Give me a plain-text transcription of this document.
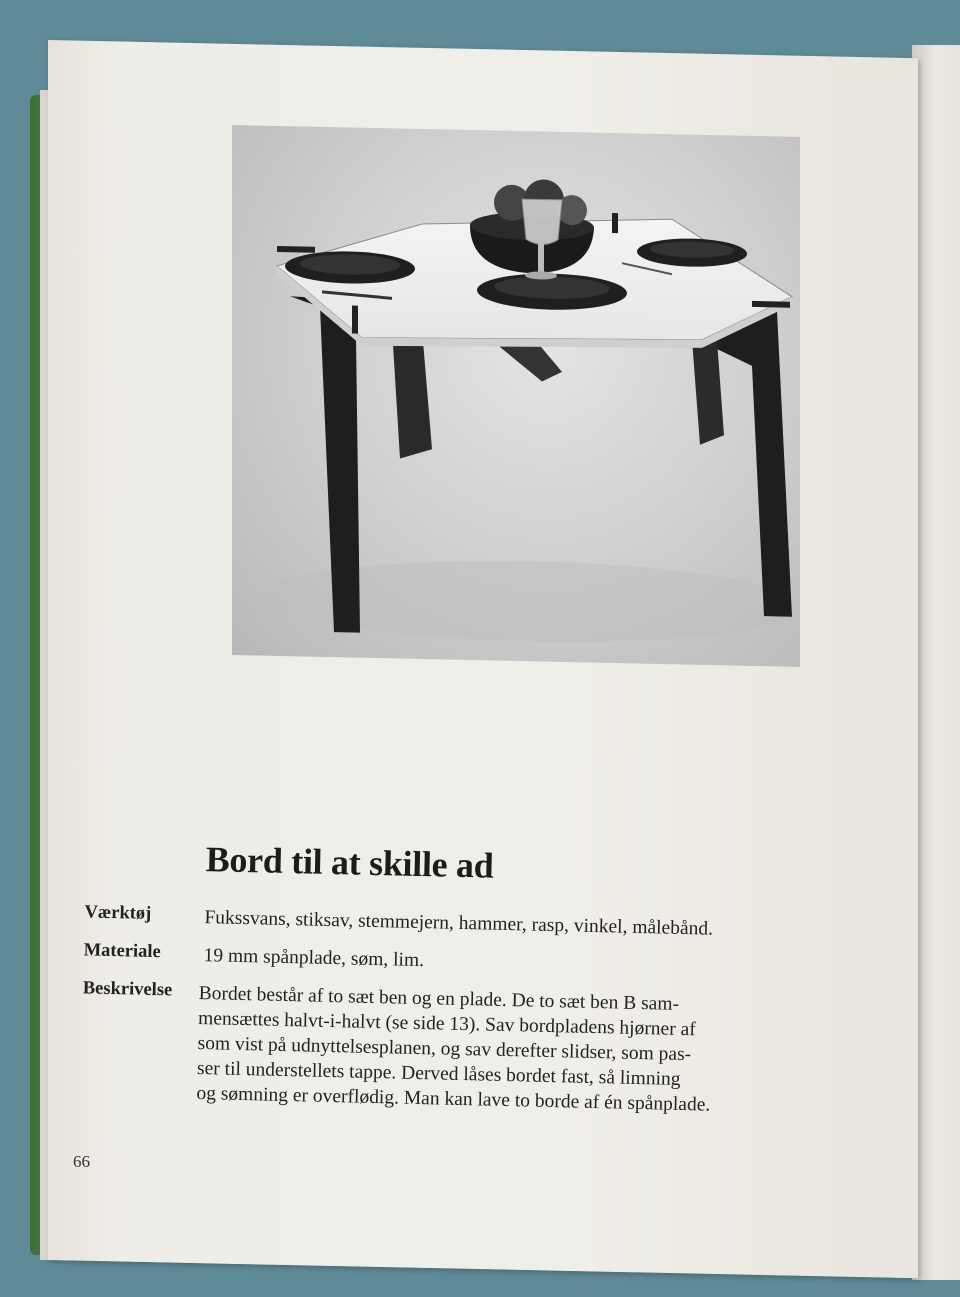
Bord til at skille ad
Værktøj	Fukssvans, stiksav, stemmejern, hammer, rasp, vinkel, målebånd.
Materiale 19 mm spånplade, søm, lim.
Beskrivelse Bordet består af to sæt ben og en plade. De to sæt ben B sam-
mensættes halvt-i-halvt (se side 13). Sav bordpladens hjørner af
som vist på udnyttelsesplanen, og sav derefter slidser, som pas-
ser til understellets tappe. Derved låses bordet fast, så limning
og sømning er overflødig. Man kan lave to borde af én spånplade.
66
